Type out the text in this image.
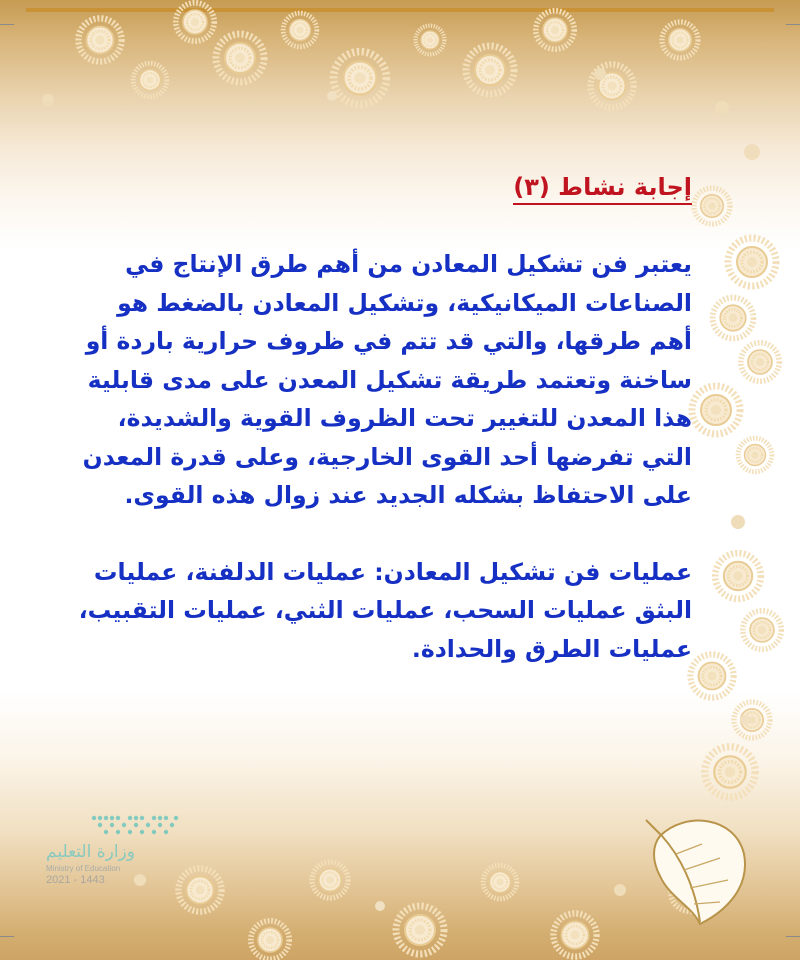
إجابة نشاط (٣)

يعتبر فن تشكيل المعادن من أهم طرق الإنتاج في الصناعات الميكانيكية، وتشكيل المعادن بالضغط هو أهم طرقها، والتي قد تتم في ظروف حرارية باردة أو ساخنة وتعتمد طريقة تشكيل المعدن على مدى قابلية هذا المعدن للتغيير تحت الظروف القوية والشديدة، التي تفرضها أحد القوى الخارجية، وعلى قدرة المعدن على الاحتفاظ بشكله الجديد عند زوال هذه القوى.

عمليات فن تشكيل المعادن: عمليات الدلفنة، عمليات البثق عمليات السحب، عمليات الثني، عمليات التقبيب، عمليات الطرق والحدادة.

وزارة التعليم
Ministry of Education
2021 - 1443
